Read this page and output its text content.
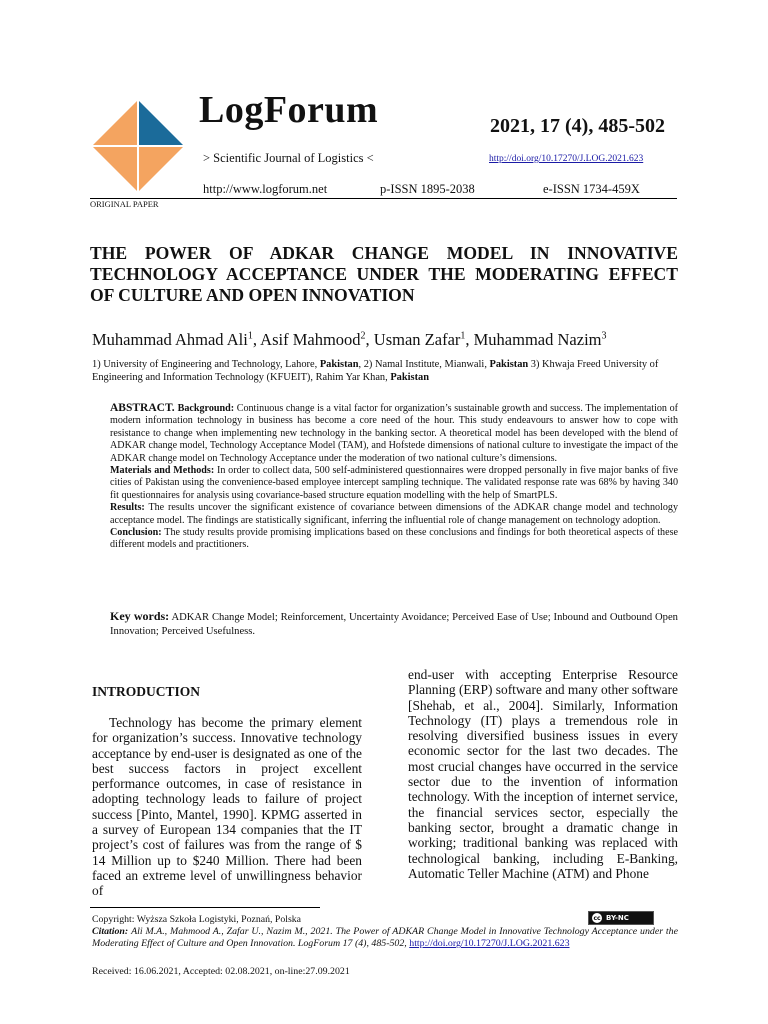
LogForum
> Scientific Journal of Logistics <
2021, 17 (4), 485-502
http://doi.org/10.17270/J.LOG.2021.623
http://www.logforum.net	p-ISSN 1895-2038	e-ISSN 1734-459X
ORIGINAL PAPER
THE POWER OF ADKAR CHANGE MODEL IN INNOVATIVE TECHNOLOGY ACCEPTANCE UNDER THE MODERATING EFFECT OF CULTURE AND OPEN INNOVATION
Muhammad Ahmad Ali$^1$, Asif Mahmood$^2$, Usman Zafar$^1$, Muhammad Nazim$^3$
1) University of Engineering and Technology, Lahore, Pakistan, 2) Namal Institute, Mianwali, Pakistan 3) Khwaja Freed University of Engineering and Information Technology (KFUEIT), Rahim Yar Khan, Pakistan

ABSTRACT. Background: Continuous change is a vital factor for organization’s sustainable growth and success. The implementation of modern information technology in business has become a core need of the hour. This study endeavours to answer how to cope with resistance to change when implementing new technology in the banking sector. A theoretical model has been developed with the blend of ADKAR change model, Technology Acceptance Model (TAM), and Hofstede dimensions of national culture to investigate the impact of the ADKAR change model on Technology Acceptance under the moderation of two national culture’s dimensions.

Materials and Methods: In order to collect data, 500 self-administered questionnaires were dropped personally in five major banks of five cities of Pakistan using the convenience-based employee intercept sampling technique. The validated response rate was 68% by having 340 fit questionnaires for analysis using covariance-based structure equation modelling with the help of SmartPLS.

Results: The results uncover the significant existence of covariance between dimensions of the ADKAR change model and technology acceptance model. The findings are statistically significant, inferring the influential role of change management on technology adoption.

Conclusion: The study results provide promising implications based on these conclusions and findings for both theoretical aspects of these different models and practitioners.

Key words: ADKAR Change Model; Reinforcement, Uncertainty Avoidance; Perceived Ease of Use; Inbound and Outbound Open Innovation; Perceived Usefulness.
INTRODUCTION

Technology has become the primary element for organization’s success. Innovative technology acceptance by end-user is designated as one of the best success factors in project excellent performance outcomes, in case of resistance in adopting technology leads to failure of project success [Pinto, Mantel, 1990]. KPMG asserted in a survey of European 134 companies that the IT project’s cost of failures was from the range of $ 14 Million up to $240 Million. There had been faced an extreme level of unwillingness behavior of

end-user with accepting Enterprise Resource Planning (ERP) software and many other software [Shehab, et al., 2004]. Similarly, Information Technology (IT) plays a tremendous role in resolving diversified business issues in every economic sector for the last two decades. The most crucial changes have occurred in the service sector due to the invention of information technology. With the inception of internet service, the financial services sector, especially the banking sector, brought a dramatic change in working; traditional banking was replaced with technological banking, including E-Banking, Automatic Teller Machine (ATM) and Phone

Copyright: Wyższa Szkoła Logistyki, Poznań, Polska	cc BY-NC
Citation: Ali M.A., Mahmood A., Zafar U., Nazim M., 2021. The Power of ADKAR Change Model in Innovative Technology Acceptance under the Moderating Effect of Culture and Open Innovation. LogForum 17 (4), 485-502, http://doi.org/10.17270/J.LOG.2021.623
Received: 16.06.2021, Accepted: 02.08.2021, on-line:27.09.2021
